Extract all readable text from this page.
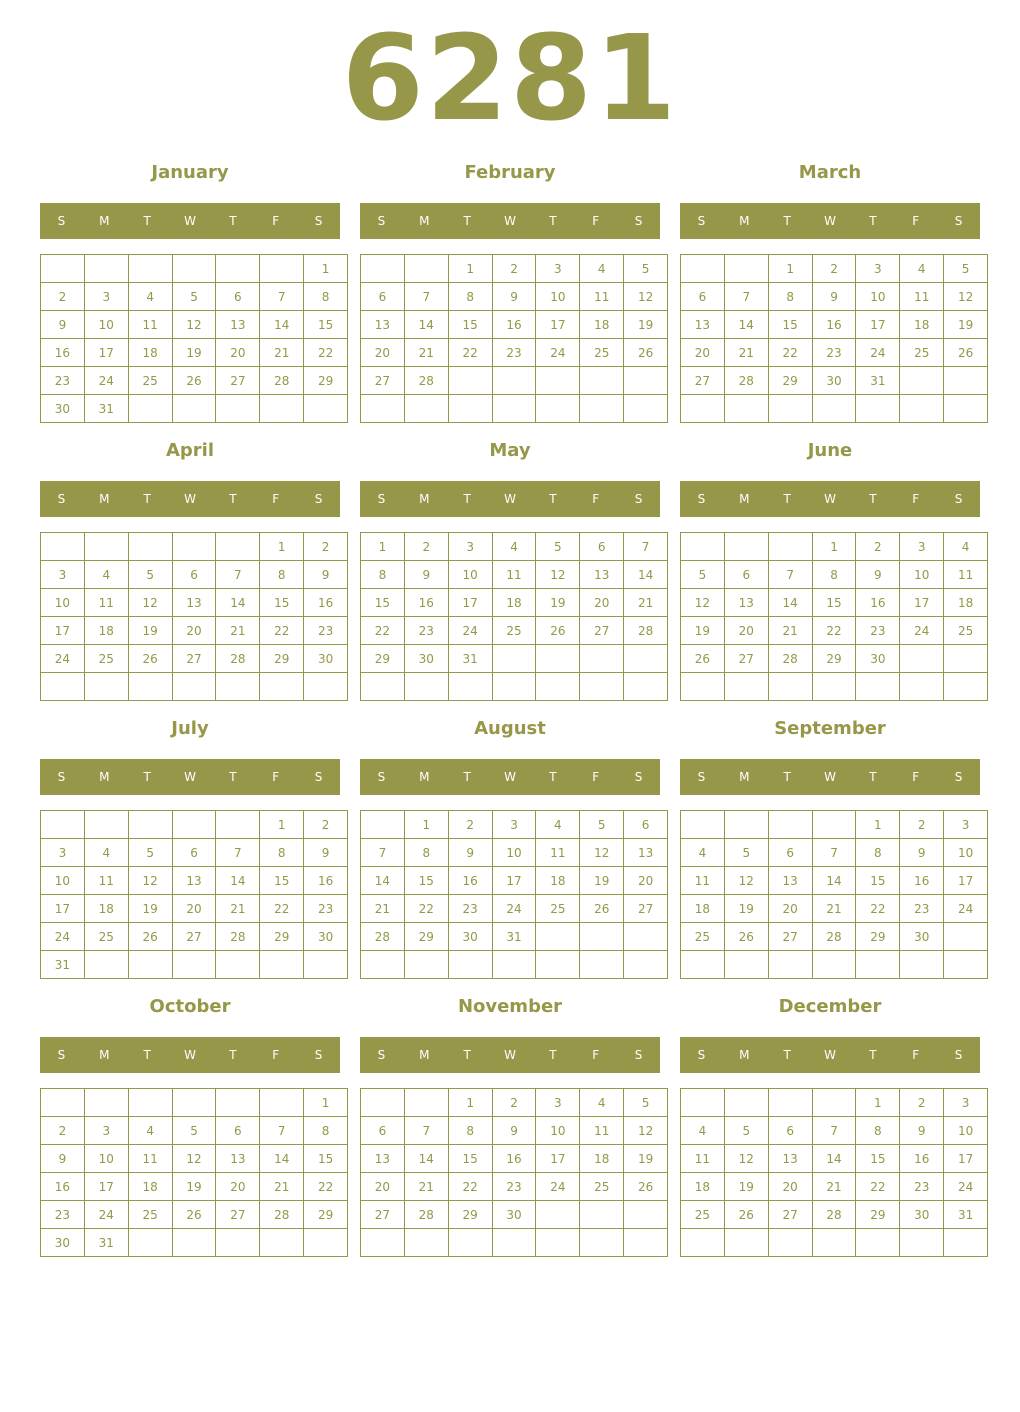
6281
January
S	M	T	W	T	F	S
						1
2	3	4	5	6	7	8
9	10	11	12	13	14	15
16	17	18	19	20	21	22
23	24	25	26	27	28	29
30	31					
February
S	M	T	W	T	F	S
		1	2	3	4	5
6	7	8	9	10	11	12
13	14	15	16	17	18	19
20	21	22	23	24	25	26
27	28					

March
S	M	T	W	T	F	S
		1	2	3	4	5
6	7	8	9	10	11	12
13	14	15	16	17	18	19
20	21	22	23	24	25	26
27	28	29	30	31		

April
S	M	T	W	T	F	S
					1	2
3	4	5	6	7	8	9
10	11	12	13	14	15	16
17	18	19	20	21	22	23
24	25	26	27	28	29	30

May
S	M	T	W	T	F	S
1	2	3	4	5	6	7
8	9	10	11	12	13	14
15	16	17	18	19	20	21
22	23	24	25	26	27	28
29	30	31				

June
S	M	T	W	T	F	S
			1	2	3	4
5	6	7	8	9	10	11
12	13	14	15	16	17	18
19	20	21	22	23	24	25
26	27	28	29	30		

July
S	M	T	W	T	F	S
					1	2
3	4	5	6	7	8	9
10	11	12	13	14	15	16
17	18	19	20	21	22	23
24	25	26	27	28	29	30
31						
August
S	M	T	W	T	F	S
	1	2	3	4	5	6
7	8	9	10	11	12	13
14	15	16	17	18	19	20
21	22	23	24	25	26	27
28	29	30	31			

September
S	M	T	W	T	F	S
				1	2	3
4	5	6	7	8	9	10
11	12	13	14	15	16	17
18	19	20	21	22	23	24
25	26	27	28	29	30	

October
S	M	T	W	T	F	S
						1
2	3	4	5	6	7	8
9	10	11	12	13	14	15
16	17	18	19	20	21	22
23	24	25	26	27	28	29
30	31					
November
S	M	T	W	T	F	S
		1	2	3	4	5
6	7	8	9	10	11	12
13	14	15	16	17	18	19
20	21	22	23	24	25	26
27	28	29	30			

December
S	M	T	W	T	F	S
				1	2	3
4	5	6	7	8	9	10
11	12	13	14	15	16	17
18	19	20	21	22	23	24
25	26	27	28	29	30	31
